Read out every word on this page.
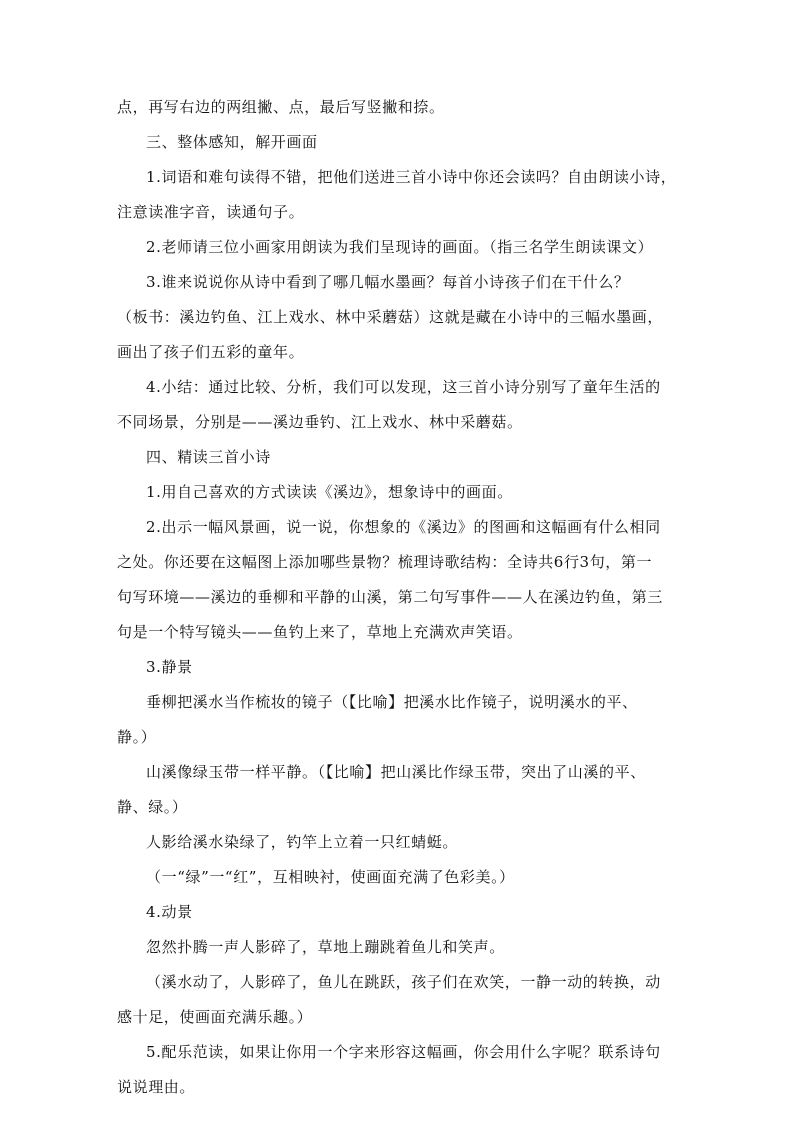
点，再写右边的两组撇、点，最后写竖撇和捺。
三、整体感知，解开画面
1.词语和难句读得不错，把他们送进三首小诗中你还会读吗？自由朗读小诗，
注意读准字音，读通句子。
2.老师请三位小画家用朗读为我们呈现诗的画面。（指三名学生朗读课文）
3.谁来说说你从诗中看到了哪几幅水墨画？每首小诗孩子们在干什么？
（板书：溪边钓鱼、江上戏水、林中采蘑菇）这就是藏在小诗中的三幅水墨画，
画出了孩子们五彩的童年。
4.小结：通过比较、分析，我们可以发现，这三首小诗分别写了童年生活的
不同场景，分别是——溪边垂钓、江上戏水、林中采蘑菇。
四、精读三首小诗
1.用自己喜欢的方式读读《溪边》，想象诗中的画面。
2.出示一幅风景画，说一说，你想象的《溪边》的图画和这幅画有什么相同
之处。你还要在这幅图上添加哪些景物？梳理诗歌结构：全诗共6行3句，第一
句写环境——溪边的垂柳和平静的山溪，第二句写事件——人在溪边钓鱼，第三
句是一个特写镜头——鱼钓上来了，草地上充满欢声笑语。
3.静景
垂柳把溪水当作梳妆的镜子（【比喻】把溪水比作镜子，说明溪水的平、
静。）
山溪像绿玉带一样平静。（【比喻】把山溪比作绿玉带，突出了山溪的平、
静、绿。）
人影给溪水染绿了，钓竿上立着一只红蜻蜓。
（一“绿”一“红”，互相映衬，使画面充满了色彩美。）
4.动景
忽然扑腾一声人影碎了，草地上蹦跳着鱼儿和笑声。
（溪水动了，人影碎了，鱼儿在跳跃，孩子们在欢笑，一静一动的转换，动
感十足，使画面充满乐趣。）
5.配乐范读，如果让你用一个字来形容这幅画，你会用什么字呢？联系诗句
说说理由。
